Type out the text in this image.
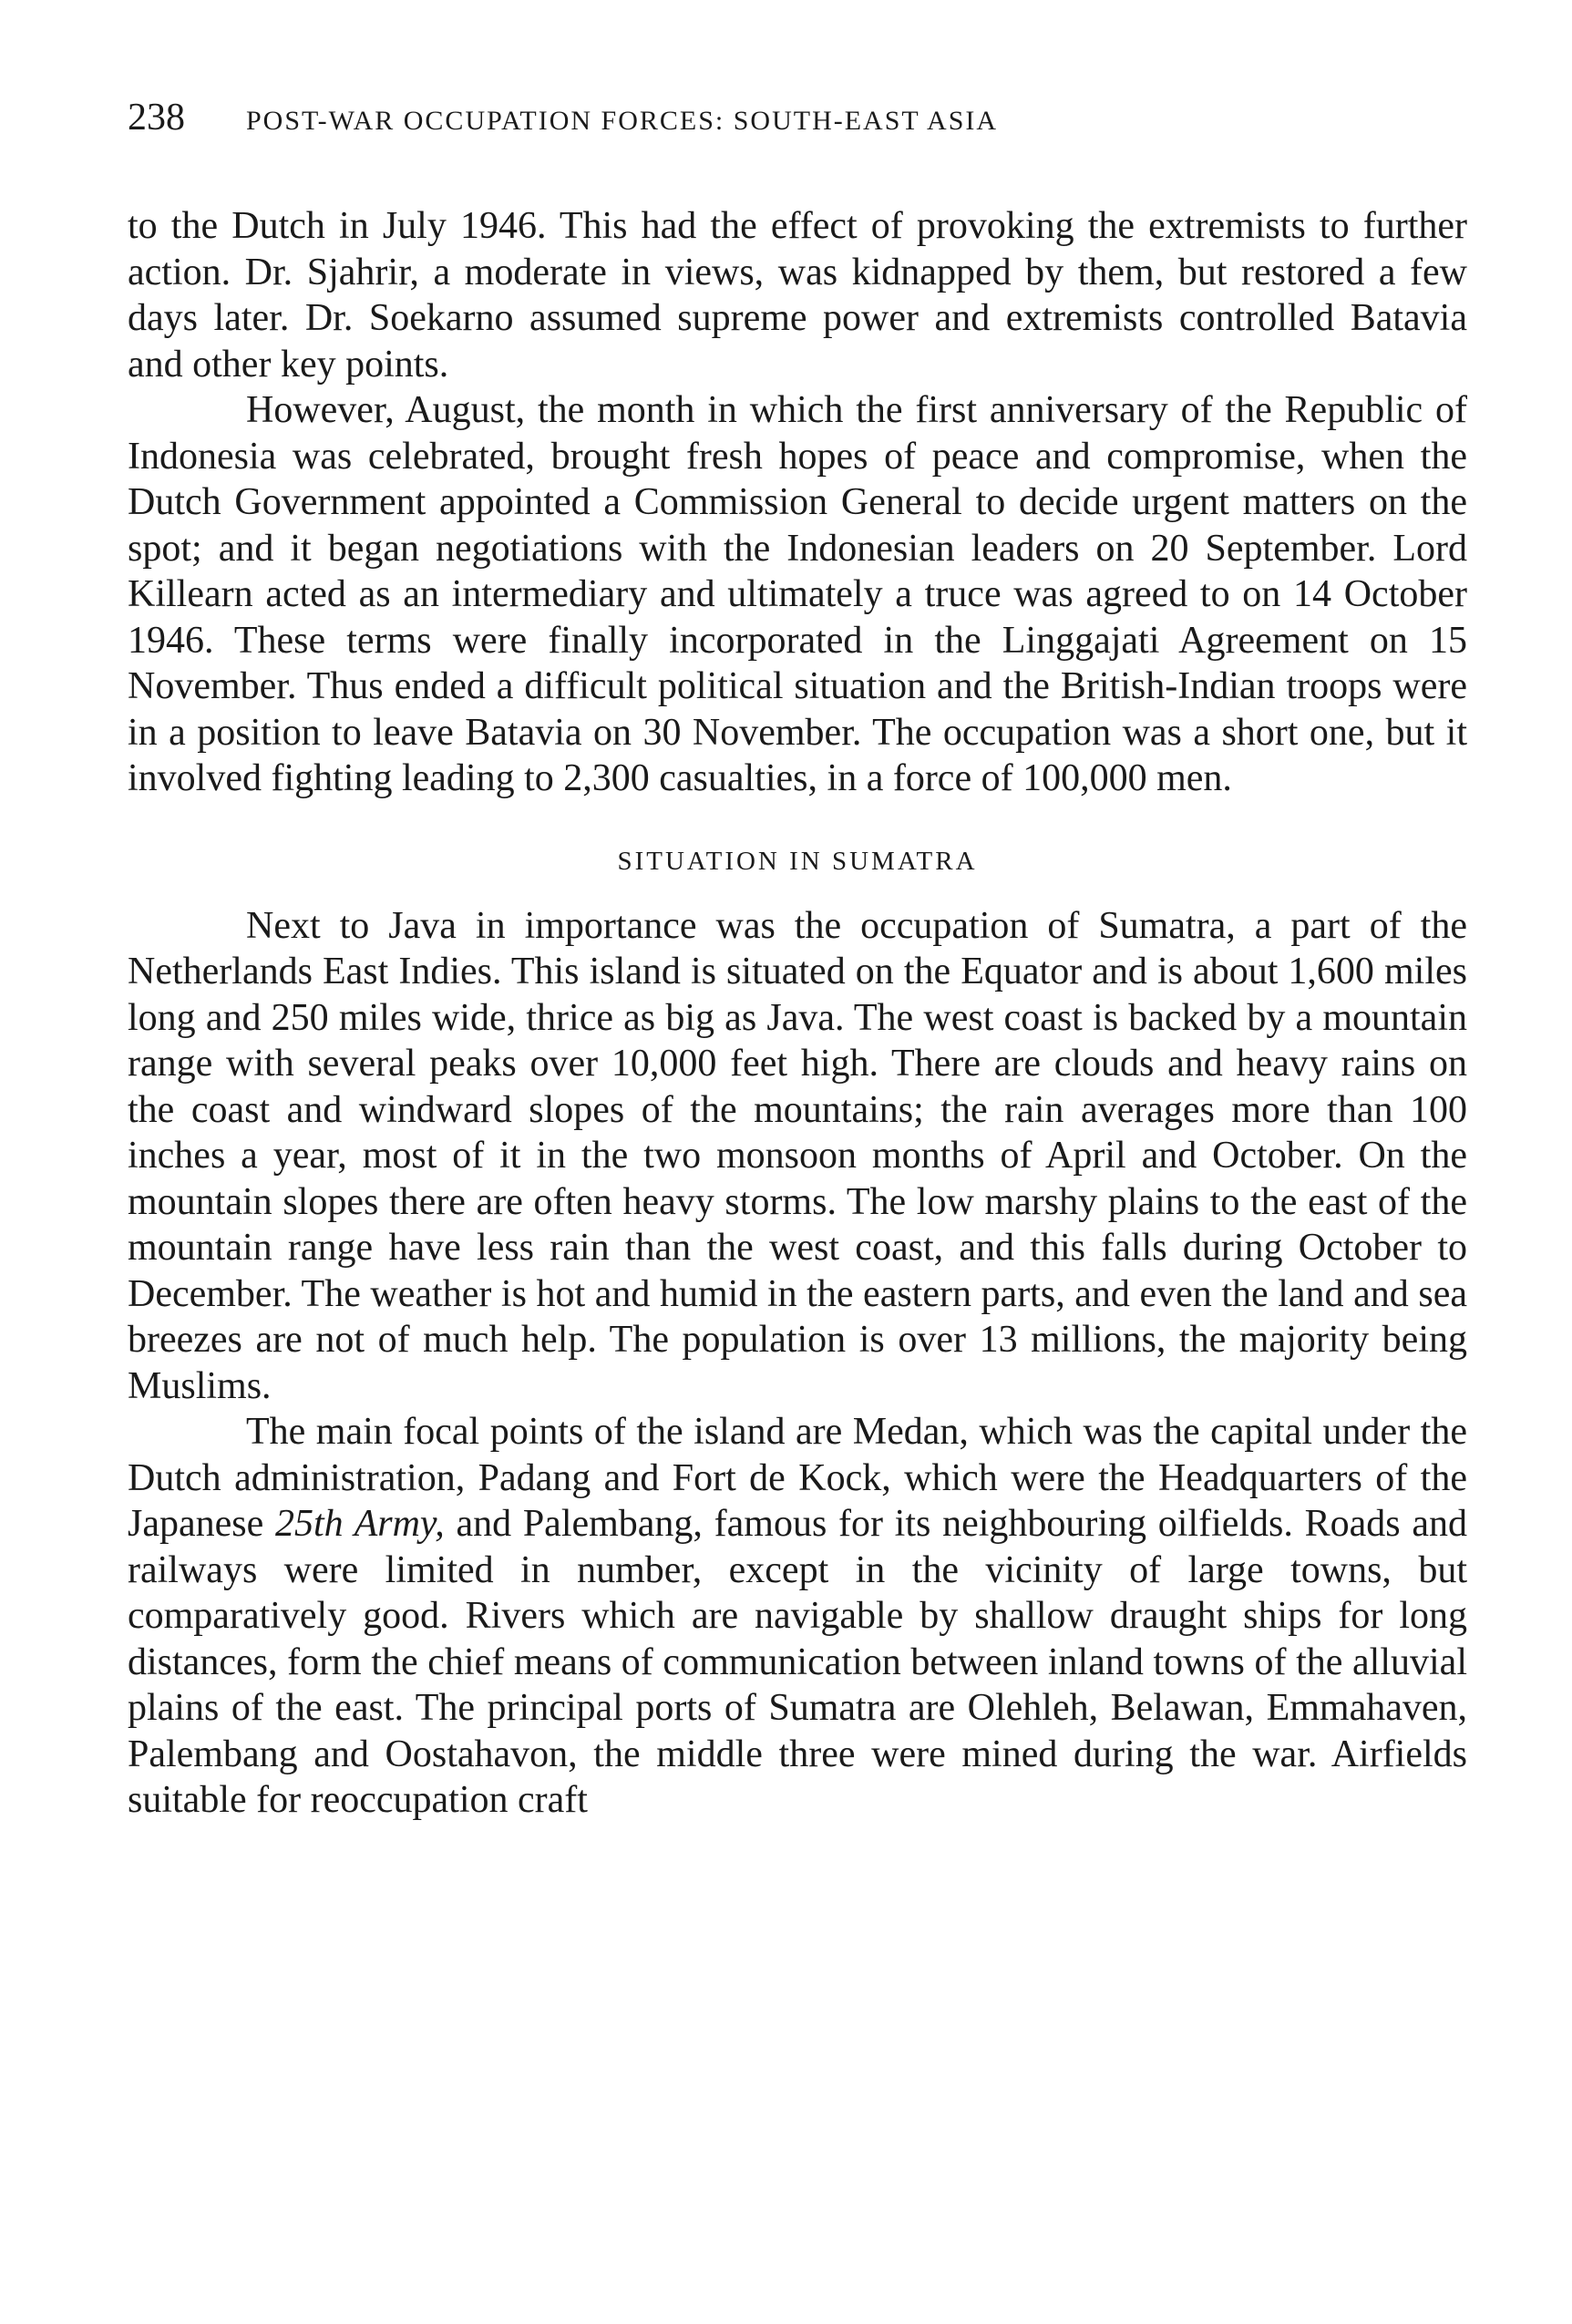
238	POST-WAR OCCUPATION FORCES: SOUTH-EAST ASIA

to the Dutch in July 1946. This had the effect of provoking the extremists to further action. Dr. Sjahrir, a moderate in views, was kidnapped by them, but restored a few days later. Dr. Soekarno assumed supreme power and extremists controlled Batavia and other key points.

However, August, the month in which the first anniversary of the Republic of Indonesia was celebrated, brought fresh hopes of peace and compromise, when the Dutch Government appointed a Commission General to decide urgent matters on the spot; and it began negotiations with the Indonesian leaders on 20 September. Lord Killearn acted as an intermediary and ultimately a truce was agreed to on 14 October 1946. These terms were finally incorporated in the Linggajati Agreement on 15 November. Thus ended a difficult political situation and the British-Indian troops were in a position to leave Batavia on 30 November. The occupation was a short one, but it involved fighting leading to 2,300 casualties, in a force of 100,000 men.

SITUATION IN SUMATRA

Next to Java in importance was the occupation of Sumatra, a part of the Netherlands East Indies. This island is situated on the Equator and is about 1,600 miles long and 250 miles wide, thrice as big as Java. The west coast is backed by a mountain range with several peaks over 10,000 feet high. There are clouds and heavy rains on the coast and windward slopes of the mountains; the rain averages more than 100 inches a year, most of it in the two monsoon months of April and October. On the mountain slopes there are often heavy storms. The low marshy plains to the east of the mountain range have less rain than the west coast, and this falls during October to December. The weather is hot and humid in the eastern parts, and even the land and sea breezes are not of much help. The population is over 13 millions, the majority being Muslims.

The main focal points of the island are Medan, which was the capital under the Dutch administration, Padang and Fort de Kock, which were the Headquarters of the Japanese 25th Army, and Palembang, famous for its neighbouring oilfields. Roads and railways were limited in number, except in the vicinity of large towns, but comparatively good. Rivers which are navigable by shallow draught ships for long distances, form the chief means of communication between inland towns of the alluvial plains of the east. The principal ports of Sumatra are Olehleh, Belawan, Emmahaven, Palembang and Oostahavon, the middle three were mined during the war. Airfields suitable for reoccupation craft
